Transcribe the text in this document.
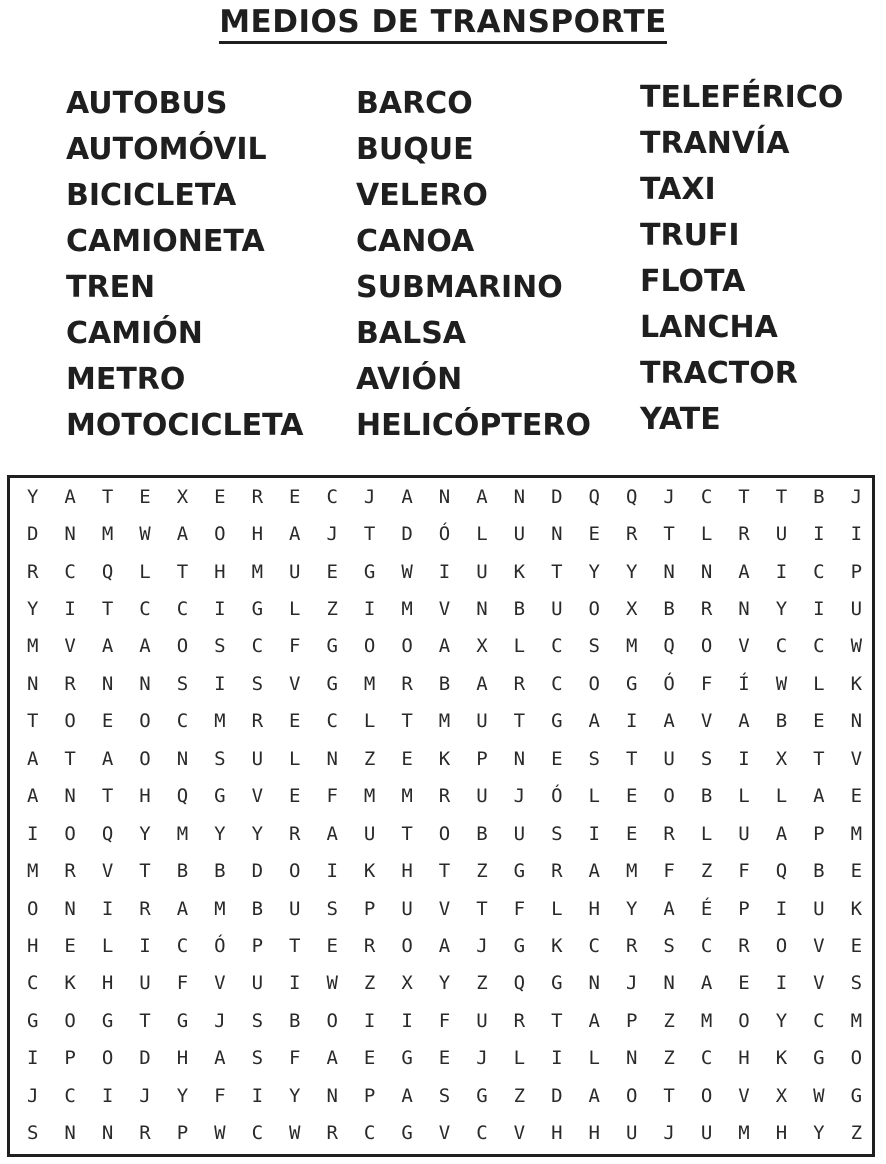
MEDIOS DE TRANSPORTE
AUTOBUS
AUTOMÓVIL
BICICLETA
CAMIONETA
TREN
CAMIÓN
METRO
MOTOCICLETA
BARCO
BUQUE
VELERO
CANOA
SUBMARINO
BALSA
AVIÓN
HELICÓPTERO
TELEFÉRICO
TRANVÍA
TAXI
TRUFI
FLOTA
LANCHA
TRACTOR
YATE
Y	A	T	E	X	E	R	E	C	J	A	N	A	N	D	Q	Q	J	C	T	T	B	J
D	N	M	W	A	O	H	A	J	T	D	Ó	L	U	N	E	R	T	L	R	U	I	I
R	C	Q	L	T	H	M	U	E	G	W	I	U	K	T	Y	Y	N	N	A	I	C	P
Y	I	T	C	C	I	G	L	Z	I	M	V	N	B	U	O	X	B	R	N	Y	I	U
M	V	A	A	O	S	C	F	G	O	O	A	X	L	C	S	M	Q	O	V	C	C	W
N	R	N	N	S	I	S	V	G	M	R	B	A	R	C	O	G	Ó	F	Í	W	L	K
T	O	E	O	C	M	R	E	C	L	T	M	U	T	G	A	I	A	V	A	B	E	N
A	T	A	O	N	S	U	L	N	Z	E	K	P	N	E	S	T	U	S	I	X	T	V
A	N	T	H	Q	G	V	E	F	M	M	R	U	J	Ó	L	E	O	B	L	L	A	E
I	O	Q	Y	M	Y	Y	R	A	U	T	O	B	U	S	I	E	R	L	U	A	P	M
M	R	V	T	B	B	D	O	I	K	H	T	Z	G	R	A	M	F	Z	F	Q	B	E
O	N	I	R	A	M	B	U	S	P	U	V	T	F	L	H	Y	A	É	P	I	U	K
H	E	L	I	C	Ó	P	T	E	R	O	A	J	G	K	C	R	S	C	R	O	V	E
C	K	H	U	F	V	U	I	W	Z	X	Y	Z	Q	G	N	J	N	A	E	I	V	S
G	O	G	T	G	J	S	B	O	I	I	F	U	R	T	A	P	Z	M	O	Y	C	M
I	P	O	D	H	A	S	F	A	E	G	E	J	L	I	L	N	Z	C	H	K	G	O
J	C	I	J	Y	F	I	Y	N	P	A	S	G	Z	D	A	O	T	O	V	X	W	G
S	N	N	R	P	W	C	W	R	C	G	V	C	V	H	H	U	J	U	M	H	Y	Z
